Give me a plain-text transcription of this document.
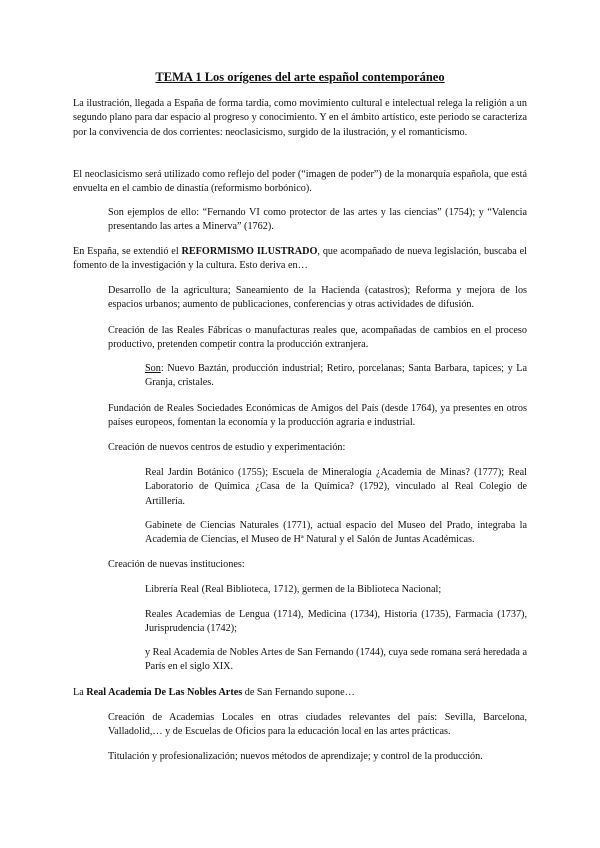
TEMA 1 Los orígenes del arte español contemporáneo

La ilustración, llegada a España de forma tardía, como movimiento cultural e intelectual relega la religión a un segundo plano para dar espacio al progreso y conocimiento. Y en el ámbito artístico, este periodo se caracteriza por la convivencia de dos corrientes: neoclasicismo, surgido de la ilustración, y el romanticismo.

El neoclasicismo será utilizado como reflejo del poder (“imagen de poder”) de la monarquía española, que está envuelta en el cambio de dinastía (reformismo borbónico).

Son ejemplos de ello: “Fernando VI como protector de las artes y las ciencias” (1754); y “Valencia presentando las artes a Minerva” (1762).

En España, se extendió el REFORMISMO ILUSTRADO, que acompañado de nueva legislación, buscaba el fomento de la investigación y la cultura. Esto deriva en…

Desarrollo de la agricultura; Saneamiento de la Hacienda (catastros); Reforma y mejora de los espacios urbanos; aumento de publicaciones, conferencias y otras actividades de difusión.

Creación de las Reales Fábricas o manufacturas reales que, acompañadas de cambios en el proceso productivo, pretenden competir contra la producción extranjera.

Son: Nuevo Baztán, producción industrial; Retiro, porcelanas; Santa Barbara, tapices; y La Granja, cristales.

Fundación de Reales Sociedades Económicas de Amigos del País (desde 1764), ya presentes en otros países europeos, fomentan la economía y la producción agraria e industrial.

Creación de nuevos centros de estudio y experimentación:

Real Jardín Botánico (1755); Escuela de Mineralogía ¿Academia de Minas? (1777); Real Laboratorio de Química ¿Casa de la Química? (1792), vinculado al Real Colegio de Artillería.

Gabinete de Ciencias Naturales (1771), actual espacio del Museo del Prado, integraba la Academia de Ciencias, el Museo de Hª Natural y el Salón de Juntas Académicas.

Creación de nuevas instituciones:

Librería Real (Real Biblioteca, 1712), germen de la Biblioteca Nacional;

Reales Academias de Lengua (1714), Medicina (1734), Historia (1735), Farmacia (1737), Jurisprudencia (1742);

y Real Academia de Nobles Artes de San Fernando (1744), cuya sede romana será heredada a París en el siglo XIX.

La Real Academia De Las Nobles Artes de San Fernando supone…

Creación de Academias Locales en otras ciudades relevantes del país: Sevilla, Barcelona, Valladolid,… y de Escuelas de Oficios para la educación local en las artes prácticas.

Titulación y profesionalización; nuevos métodos de aprendizaje; y control de la producción.
